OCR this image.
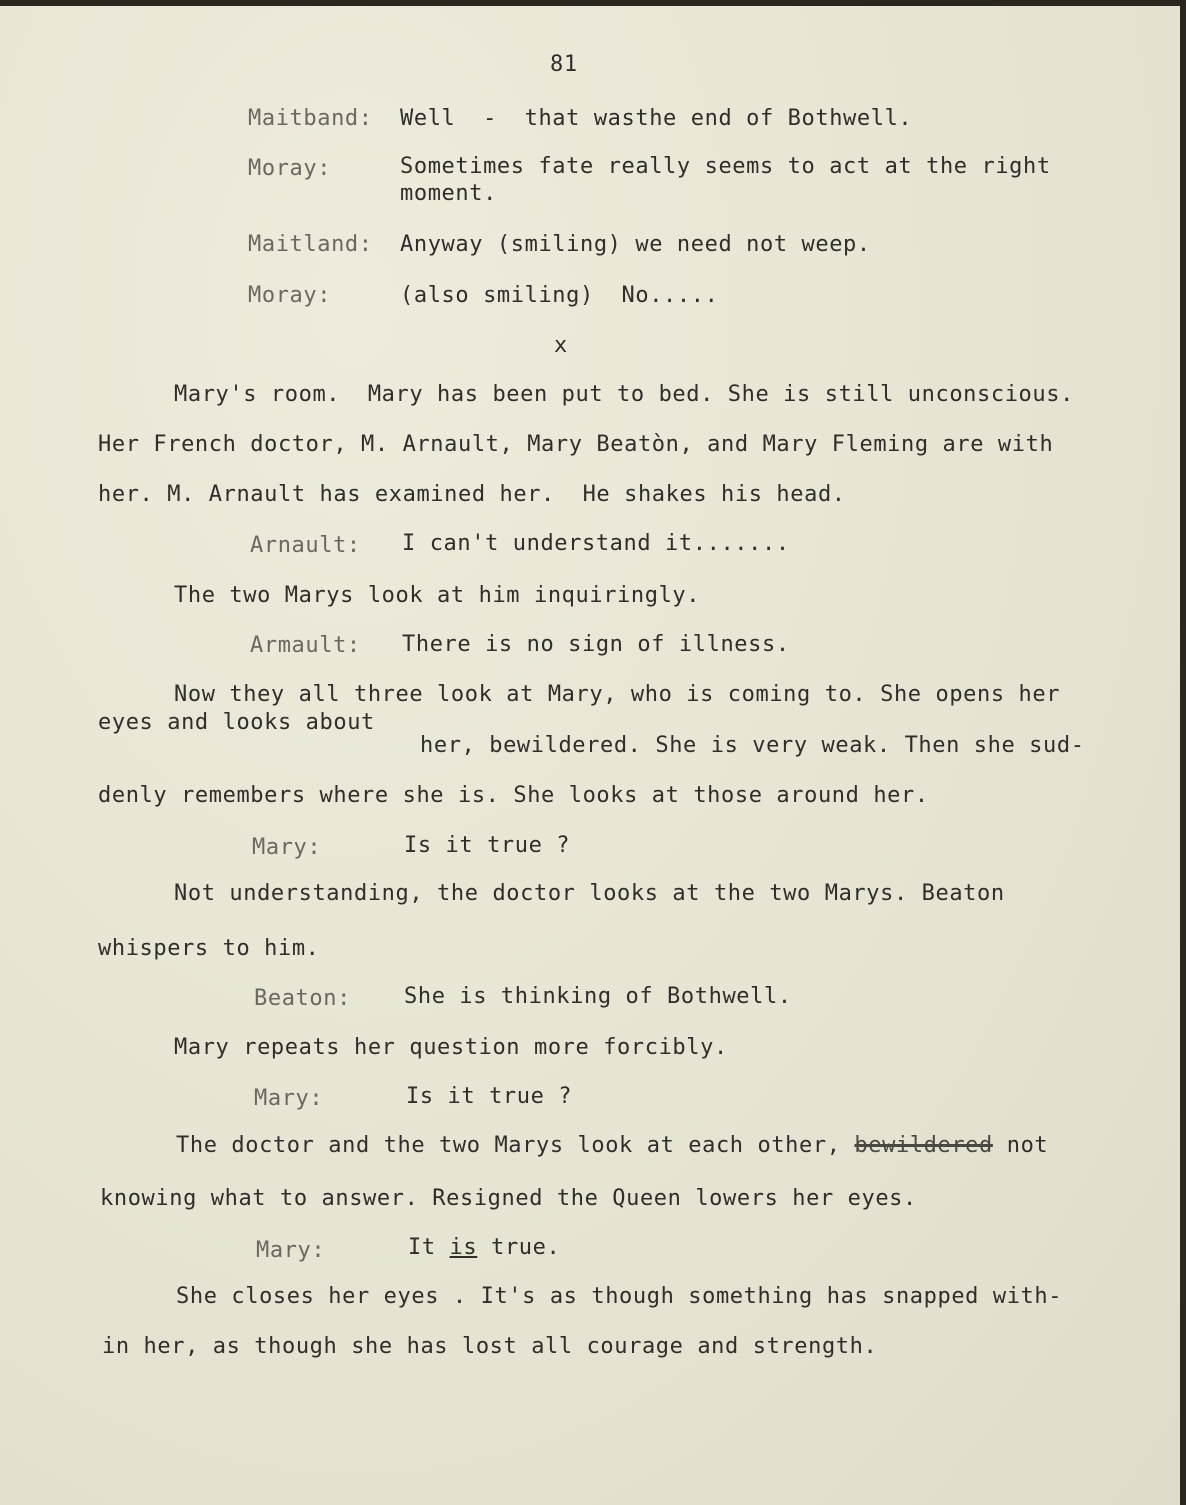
81
Maitband: Well  -  that wasthe end of Bothwell.
Moray:	Sometimes fate really seems to act at the right
moment.
Maitland: Anyway (smiling) we need not weep.
Moray:	(also smiling)  No.....
x
Mary's room.  Mary has been put to bed. She is still unconscious.
Her French doctor, M. Arnault, Mary Beatòn, and Mary Fleming are with
her. M. Arnault has examined her.  He shakes his head.
Arnault: I can't understand it.......
The two Marys look at him inquiringly.
Armault: There is no sign of illness.
Now they all three look at Mary, who is coming to. She opens her
eyes and looks about
her, bewildered. She is very weak. Then she sud-
denly remembers where she is. She looks at those around her.
Mary:	Is it true ?
Not understanding, the doctor looks at the two Marys. Beaton
whispers to him.
Beaton: She is thinking of Bothwell.
Mary repeats her question more forcibly.
Mary:	Is it true ?
The doctor and the two Marys look at each other, bewildered not
knowing what to answer. Resigned the Queen lowers her eyes.
Mary:	It is true.
She closes her eyes . It's as though something has snapped with-
in her, as though she has lost all courage and strength.
